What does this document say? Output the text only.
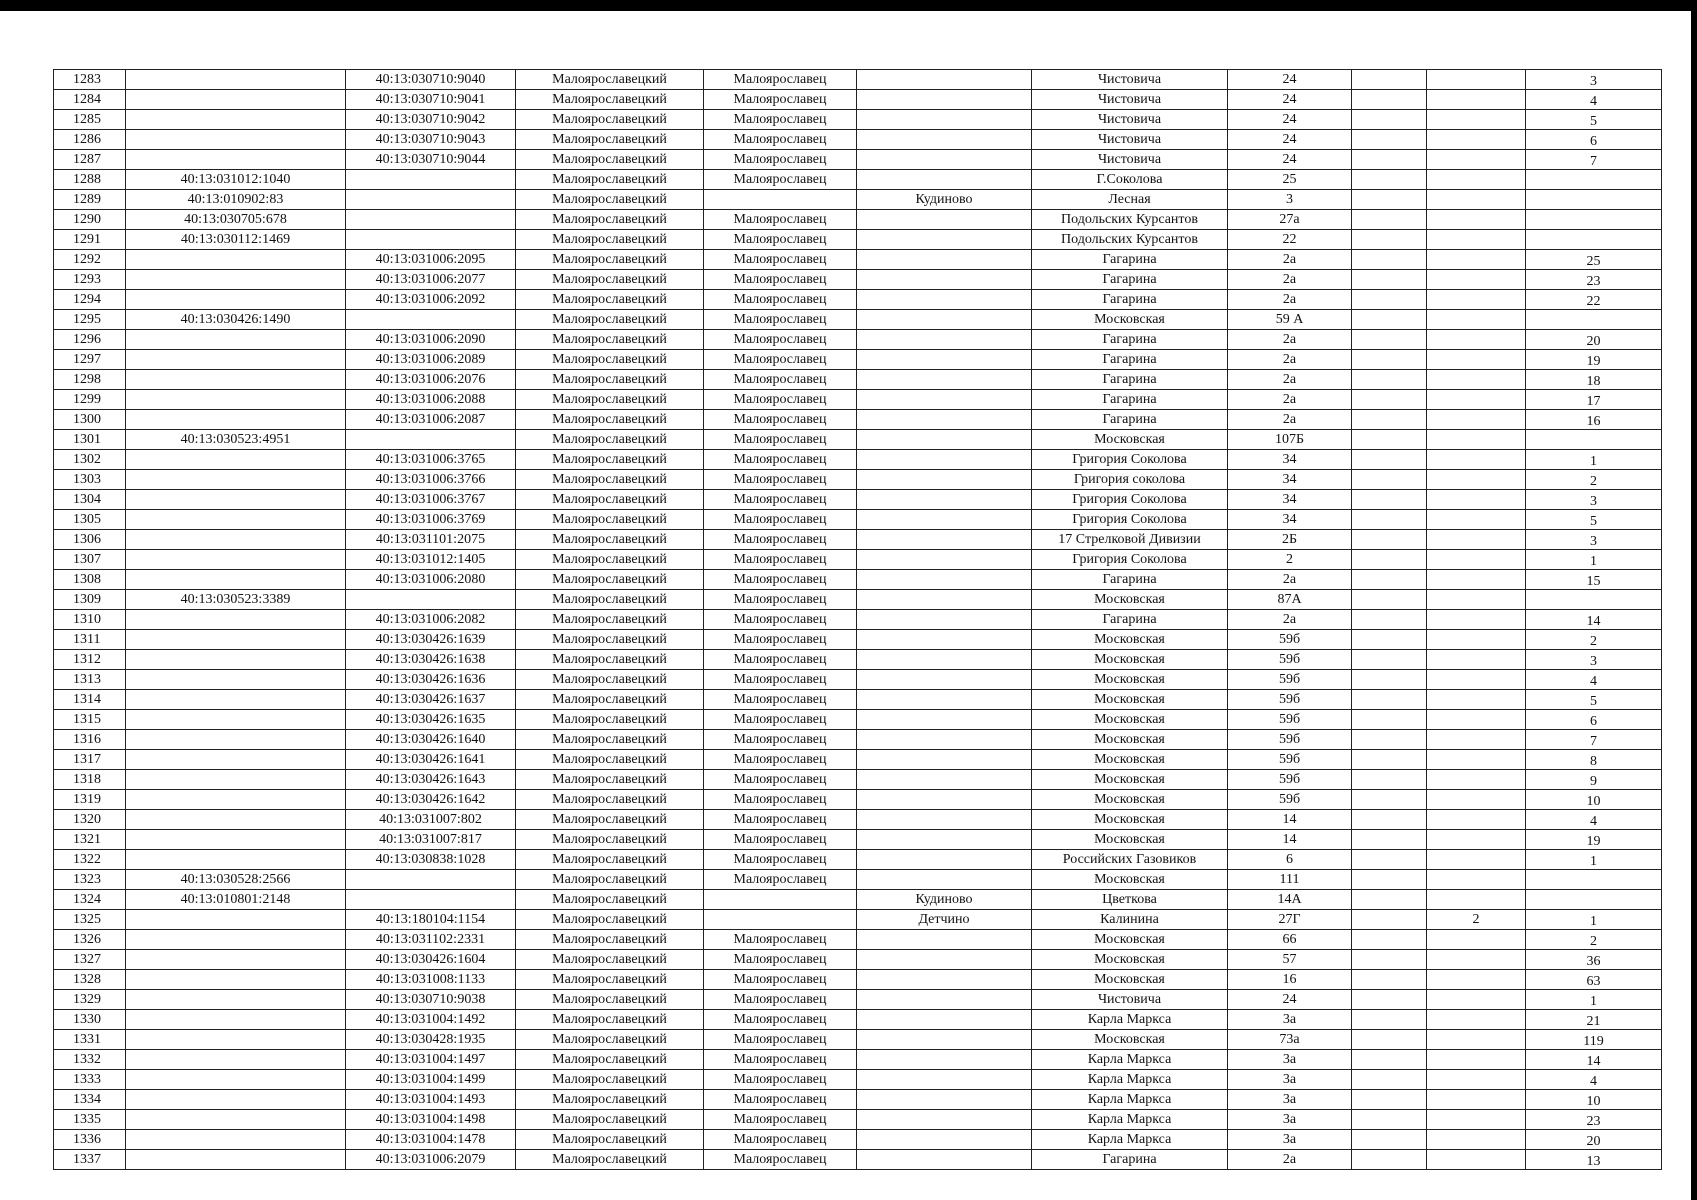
1283		40:13:030710:9040	Малоярославецкий	Малоярославец		Чистовича	24			3
1284		40:13:030710:9041	Малоярославецкий	Малоярославец		Чистовича	24			4
1285		40:13:030710:9042	Малоярославецкий	Малоярославец		Чистовича	24			5
1286		40:13:030710:9043	Малоярославецкий	Малоярославец		Чистовича	24			6
1287		40:13:030710:9044	Малоярославецкий	Малоярославец		Чистовича	24			7
1288	40:13:031012:1040		Малоярославецкий	Малоярославец		Г.Соколова	25			
1289	40:13:010902:83		Малоярославецкий		Кудиново	Лесная	3			
1290	40:13:030705:678		Малоярославецкий	Малоярославец		Подольских Курсантов	27а			
1291	40:13:030112:1469		Малоярославецкий	Малоярославец		Подольских Курсантов	22			
1292		40:13:031006:2095	Малоярославецкий	Малоярославец		Гагарина	2а			25
1293		40:13:031006:2077	Малоярославецкий	Малоярославец		Гагарина	2а			23
1294		40:13:031006:2092	Малоярославецкий	Малоярославец		Гагарина	2а			22
1295	40:13:030426:1490		Малоярославецкий	Малоярославец		Московская	59 А			
1296		40:13:031006:2090	Малоярославецкий	Малоярославец		Гагарина	2а			20
1297		40:13:031006:2089	Малоярославецкий	Малоярославец		Гагарина	2а			19
1298		40:13:031006:2076	Малоярославецкий	Малоярославец		Гагарина	2а			18
1299		40:13:031006:2088	Малоярославецкий	Малоярославец		Гагарина	2а			17
1300		40:13:031006:2087	Малоярославецкий	Малоярославец		Гагарина	2а			16
1301	40:13:030523:4951		Малоярославецкий	Малоярославец		Московская	107Б			
1302		40:13:031006:3765	Малоярославецкий	Малоярославец		Григория Соколова	34			1
1303		40:13:031006:3766	Малоярославецкий	Малоярославец		Григория соколова	34			2
1304		40:13:031006:3767	Малоярославецкий	Малоярославец		Григория Соколова	34			3
1305		40:13:031006:3769	Малоярославецкий	Малоярославец		Григория Соколова	34			5
1306		40:13:031101:2075	Малоярославецкий	Малоярославец		17 Стрелковой Дивизии	2Б			3
1307		40:13:031012:1405	Малоярославецкий	Малоярославец		Григория Соколова	2			1
1308		40:13:031006:2080	Малоярославецкий	Малоярославец		Гагарина	2а			15
1309	40:13:030523:3389		Малоярославецкий	Малоярославец		Московская	87А			
1310		40:13:031006:2082	Малоярославецкий	Малоярославец		Гагарина	2а			14
1311		40:13:030426:1639	Малоярославецкий	Малоярославец		Московская	59б			2
1312		40:13:030426:1638	Малоярославецкий	Малоярославец		Московская	59б			3
1313		40:13:030426:1636	Малоярославецкий	Малоярославец		Московская	59б			4
1314		40:13:030426:1637	Малоярославецкий	Малоярославец		Московская	59б			5
1315		40:13:030426:1635	Малоярославецкий	Малоярославец		Московская	59б			6
1316		40:13:030426:1640	Малоярославецкий	Малоярославец		Московская	59б			7
1317		40:13:030426:1641	Малоярославецкий	Малоярославец		Московская	59б			8
1318		40:13:030426:1643	Малоярославецкий	Малоярославец		Московская	59б			9
1319		40:13:030426:1642	Малоярославецкий	Малоярославец		Московская	59б			10
1320		40:13:031007:802	Малоярославецкий	Малоярославец		Московская	14			4
1321		40:13:031007:817	Малоярославецкий	Малоярославец		Московская	14			19
1322		40:13:030838:1028	Малоярославецкий	Малоярославец		Российских Газовиков	6			1
1323	40:13:030528:2566		Малоярославецкий	Малоярославец		Московская	111			
1324	40:13:010801:2148		Малоярославецкий		Кудиново	Цветкова	14А			
1325		40:13:180104:1154	Малоярославецкий		Детчино	Калинина	27Г		2	1
1326		40:13:031102:2331	Малоярославецкий	Малоярославец		Московская	66			2
1327		40:13:030426:1604	Малоярославецкий	Малоярославец		Московская	57			36
1328		40:13:031008:1133	Малоярославецкий	Малоярославец		Московская	16			63
1329		40:13:030710:9038	Малоярославецкий	Малоярославец		Чистовича	24			1
1330		40:13:031004:1492	Малоярославецкий	Малоярославец		Карла Маркса	3а			21
1331		40:13:030428:1935	Малоярославецкий	Малоярославец		Московская	73а			119
1332		40:13:031004:1497	Малоярославецкий	Малоярославец		Карла Маркса	3а			14
1333		40:13:031004:1499	Малоярославецкий	Малоярославец		Карла Маркса	3а			4
1334		40:13:031004:1493	Малоярославецкий	Малоярославец		Карла Маркса	3а			10
1335		40:13:031004:1498	Малоярославецкий	Малоярославец		Карла Маркса	3а			23
1336		40:13:031004:1478	Малоярославецкий	Малоярославец		Карла Маркса	3а			20
1337		40:13:031006:2079	Малоярославецкий	Малоярославец		Гагарина	2а			13
